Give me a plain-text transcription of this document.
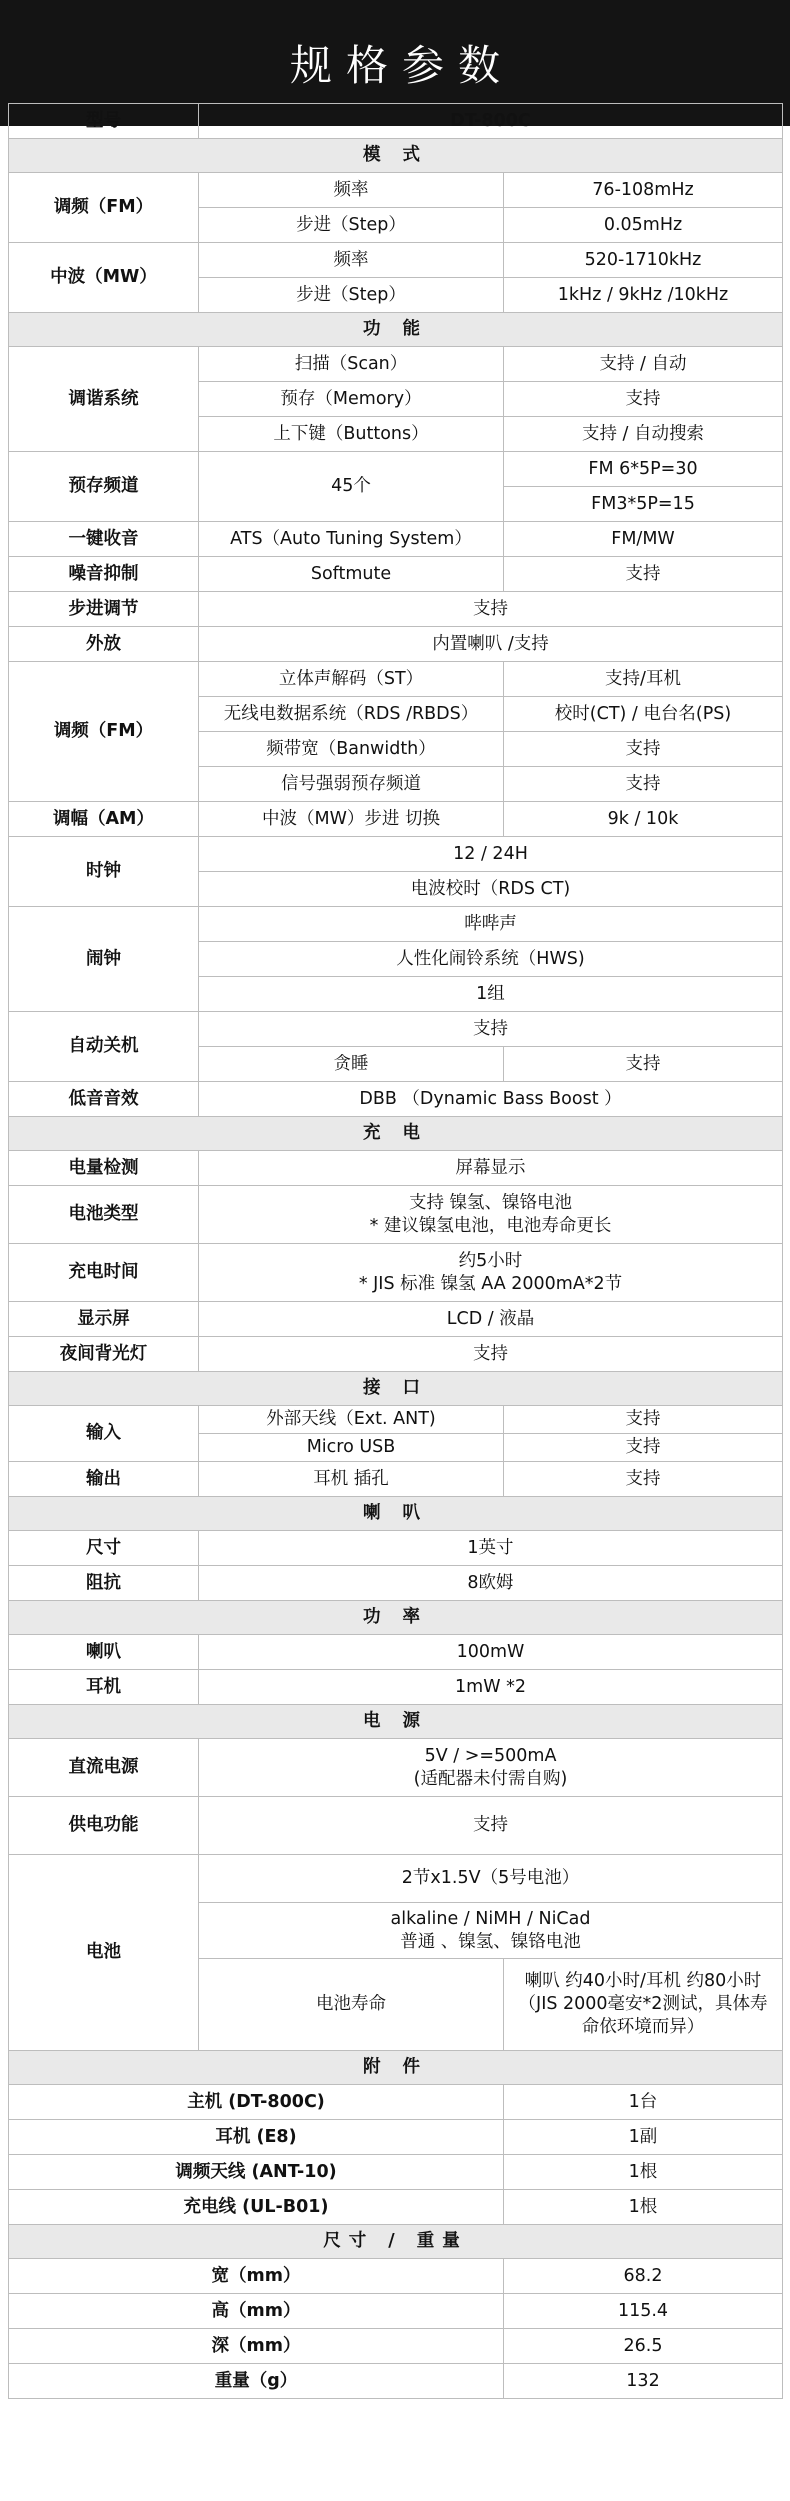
规格参数
型号	DT-800C	
模 式		
调频（FM）	频率	76-108mHz
	步进（Step）	0.05mHz
中波（MW）	频率	520-1710kHz
	步进（Step）	1kHz / 9kHz /10kHz
功 能		
调谐系统	扫描（Scan）	支持 / 自动
	预存（Memory）	支持
	上下键（Buttons）	支持 / 自动搜索
预存频道	45个	FM 6*5P=30
		FM3*5P=15
一键收音	ATS（Auto Tuning System）	FM/MW
噪音抑制	Softmute	支持
步进调节	支持	
外放	内置喇叭 /支持	
调频（FM）	立体声解码（ST）	支持/耳机
	无线电数据系统（RDS /RBDS）	校时(CT) / 电台名(PS)
	频带宽（Banwidth）	支持
	信号强弱预存频道	支持
调幅（AM）	中波（MW）步进 切换	9k / 10k
时钟	12 / 24H	
	电波校时（RDS CT)	
闹钟	哔哔声	
	人性化闹铃系统（HWS)	
	1组	
自动关机	支持	
	贪睡	支持
低音音效	DBB （Dynamic Bass Boost ）	
充 电		
电量检测	屏幕显示	
电池类型	支持 镍氢、镍铬电池
* 建议镍氢电池，电池寿命更长	
充电时间	约5小时
* JIS 标准 镍氢 AA 2000mA*2节	
显示屏	LCD / 液晶	
夜间背光灯	支持	
接 口		
输入	外部天线（Ext. ANT)	支持
	Micro USB	支持
输出	耳机 插孔	支持
喇 叭		
尺寸	1英寸	
阻抗	8欧姆	
功 率		
喇叭	100mW	
耳机	1mW *2	
电 源		
直流电源	5V / >=500mA
(适配器未付需自购)	
供电功能	支持	
电池	2节x1.5V（5号电池）	
	alkaline / NiMH / NiCad
普通 、镍氢、镍铬电池	
	电池寿命	喇叭 约40小时/耳机 约80小时
（JIS 2000毫安*2测试，具体寿命依环境而异）
附 件		
主机 (DT-800C)		1台
耳机 (E8)		1副
调频天线 (ANT-10)		1根
充电线 (UL-B01)		1根
尺寸 / 重量		
宽（mm）		68.2
高（mm）		115.4
深（mm）		26.5
重量（g）		132
